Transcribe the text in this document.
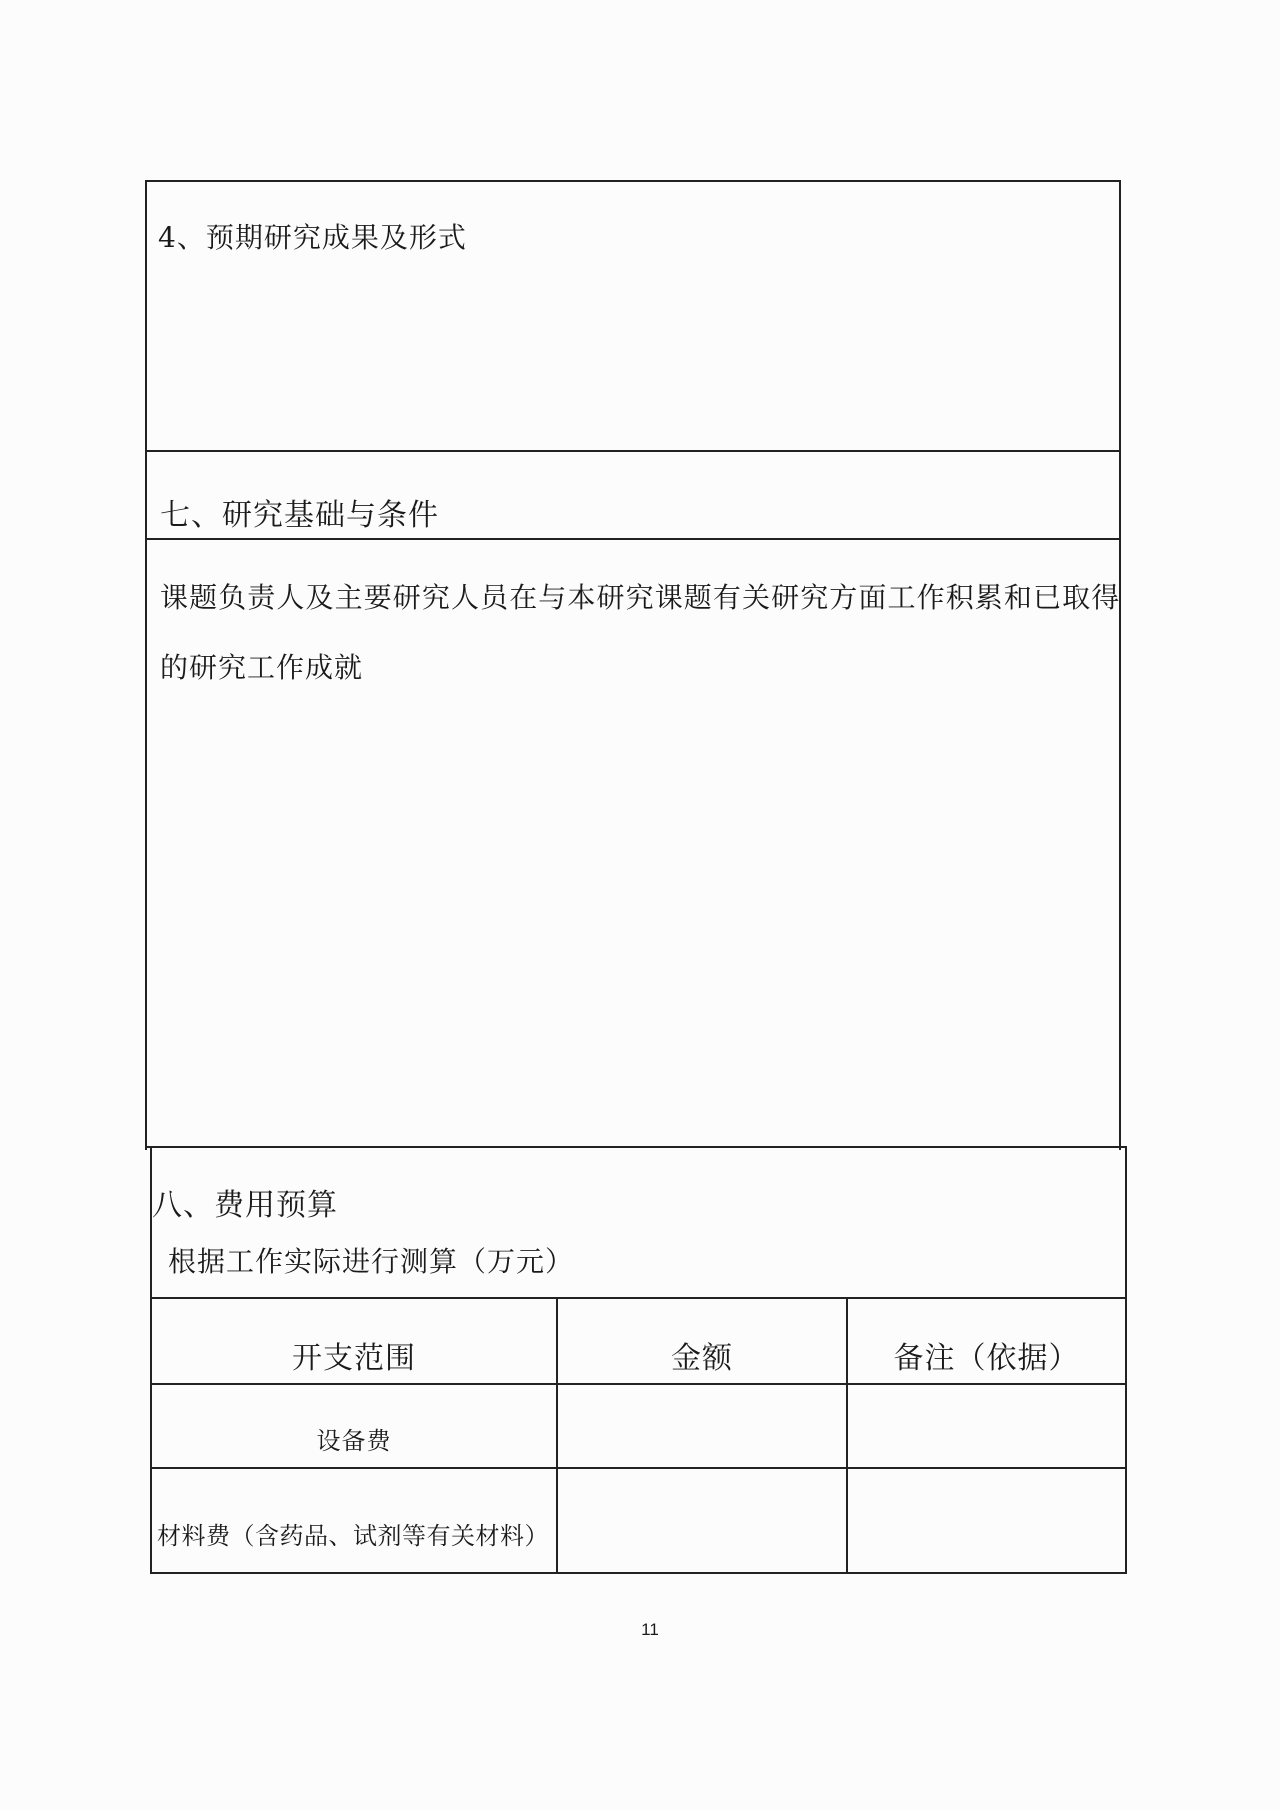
4、预期研究成果及形式
七、研究基础与条件
课题负责人及主要研究人员在与本研究课题有关研究方面工作积累和已取得
的研究工作成就
八、费用预算
根据工作实际进行测算（万元）
开支范围	金额	备注（依据）
设备费
材料费（含药品、试剂等有关材料）
11
